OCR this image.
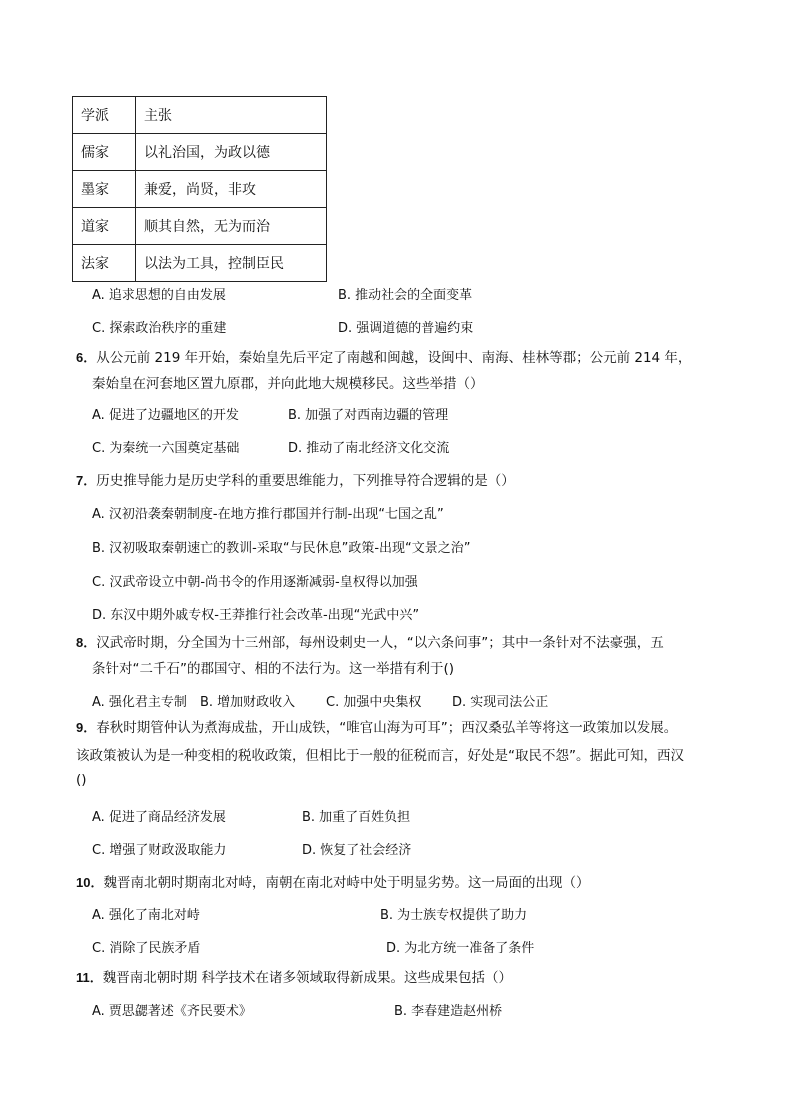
学派	主张
儒家	以礼治国，为政以德
墨家	兼爱，尚贤，非攻
道家	顺其自然，无为而治
法家	以法为工具，控制臣民
A. 追求思想的自由发展	B. 推动社会的全面变革
C. 探索政治秩序的重建	D. 强调道德的普遍约束
6．从公元前 219 年开始，秦始皇先后平定了南越和闽越，设闽中、南海、桂林等郡；公元前 214 年，
秦始皇在河套地区置九原郡，并向此地大规模移民。这些举措（）
A. 促进了边疆地区的开发	B. 加强了对西南边疆的管理
C. 为秦统一六国奠定基础	D. 推动了南北经济文化交流
7．历史推导能力是历史学科的重要思维能力，下列推导符合逻辑的是（）
A. 汉初沿袭秦朝制度-在地方推行郡国并行制-出现“七国之乱”
B. 汉初吸取秦朝速亡的教训-采取“与民休息”政策-出现“文景之治”
C. 汉武帝设立中朝-尚书令的作用逐渐减弱-皇权得以加强
D. 东汉中期外戚专权-王莽推行社会改革-出现“光武中兴”
8．汉武帝时期，分全国为十三州部，每州设刺史一人，“以六条问事”；其中一条针对不法豪强，五
条针对“二千石”的郡国守、相的不法行为。这一举措有利于()
A. 强化君主专制 B. 增加财政收入 C. 加强中央集权 D. 实现司法公正
9．春秋时期管仲认为煮海成盐，开山成铁，“唯官山海为可耳”；西汉桑弘羊等将这一政策加以发展。
该政策被认为是一种变相的税收政策，但相比于一般的征税而言，好处是“取民不怨”。据此可知，西汉
()
A. 促进了商品经济发展	B. 加重了百姓负担
C. 增强了财政汲取能力	D. 恢复了社会经济
10．魏晋南北朝时期南北对峙，南朝在南北对峙中处于明显劣势。这一局面的出现（）
A. 强化了南北对峙	B. 为士族专权提供了助力
C. 消除了民族矛盾	D. 为北方统一准备了条件
11．魏晋南北朝时期 科学技术在诸多领域取得新成果。这些成果包括（）
A. 贾思勰著述《齐民要术》	B. 李春建造赵州桥
